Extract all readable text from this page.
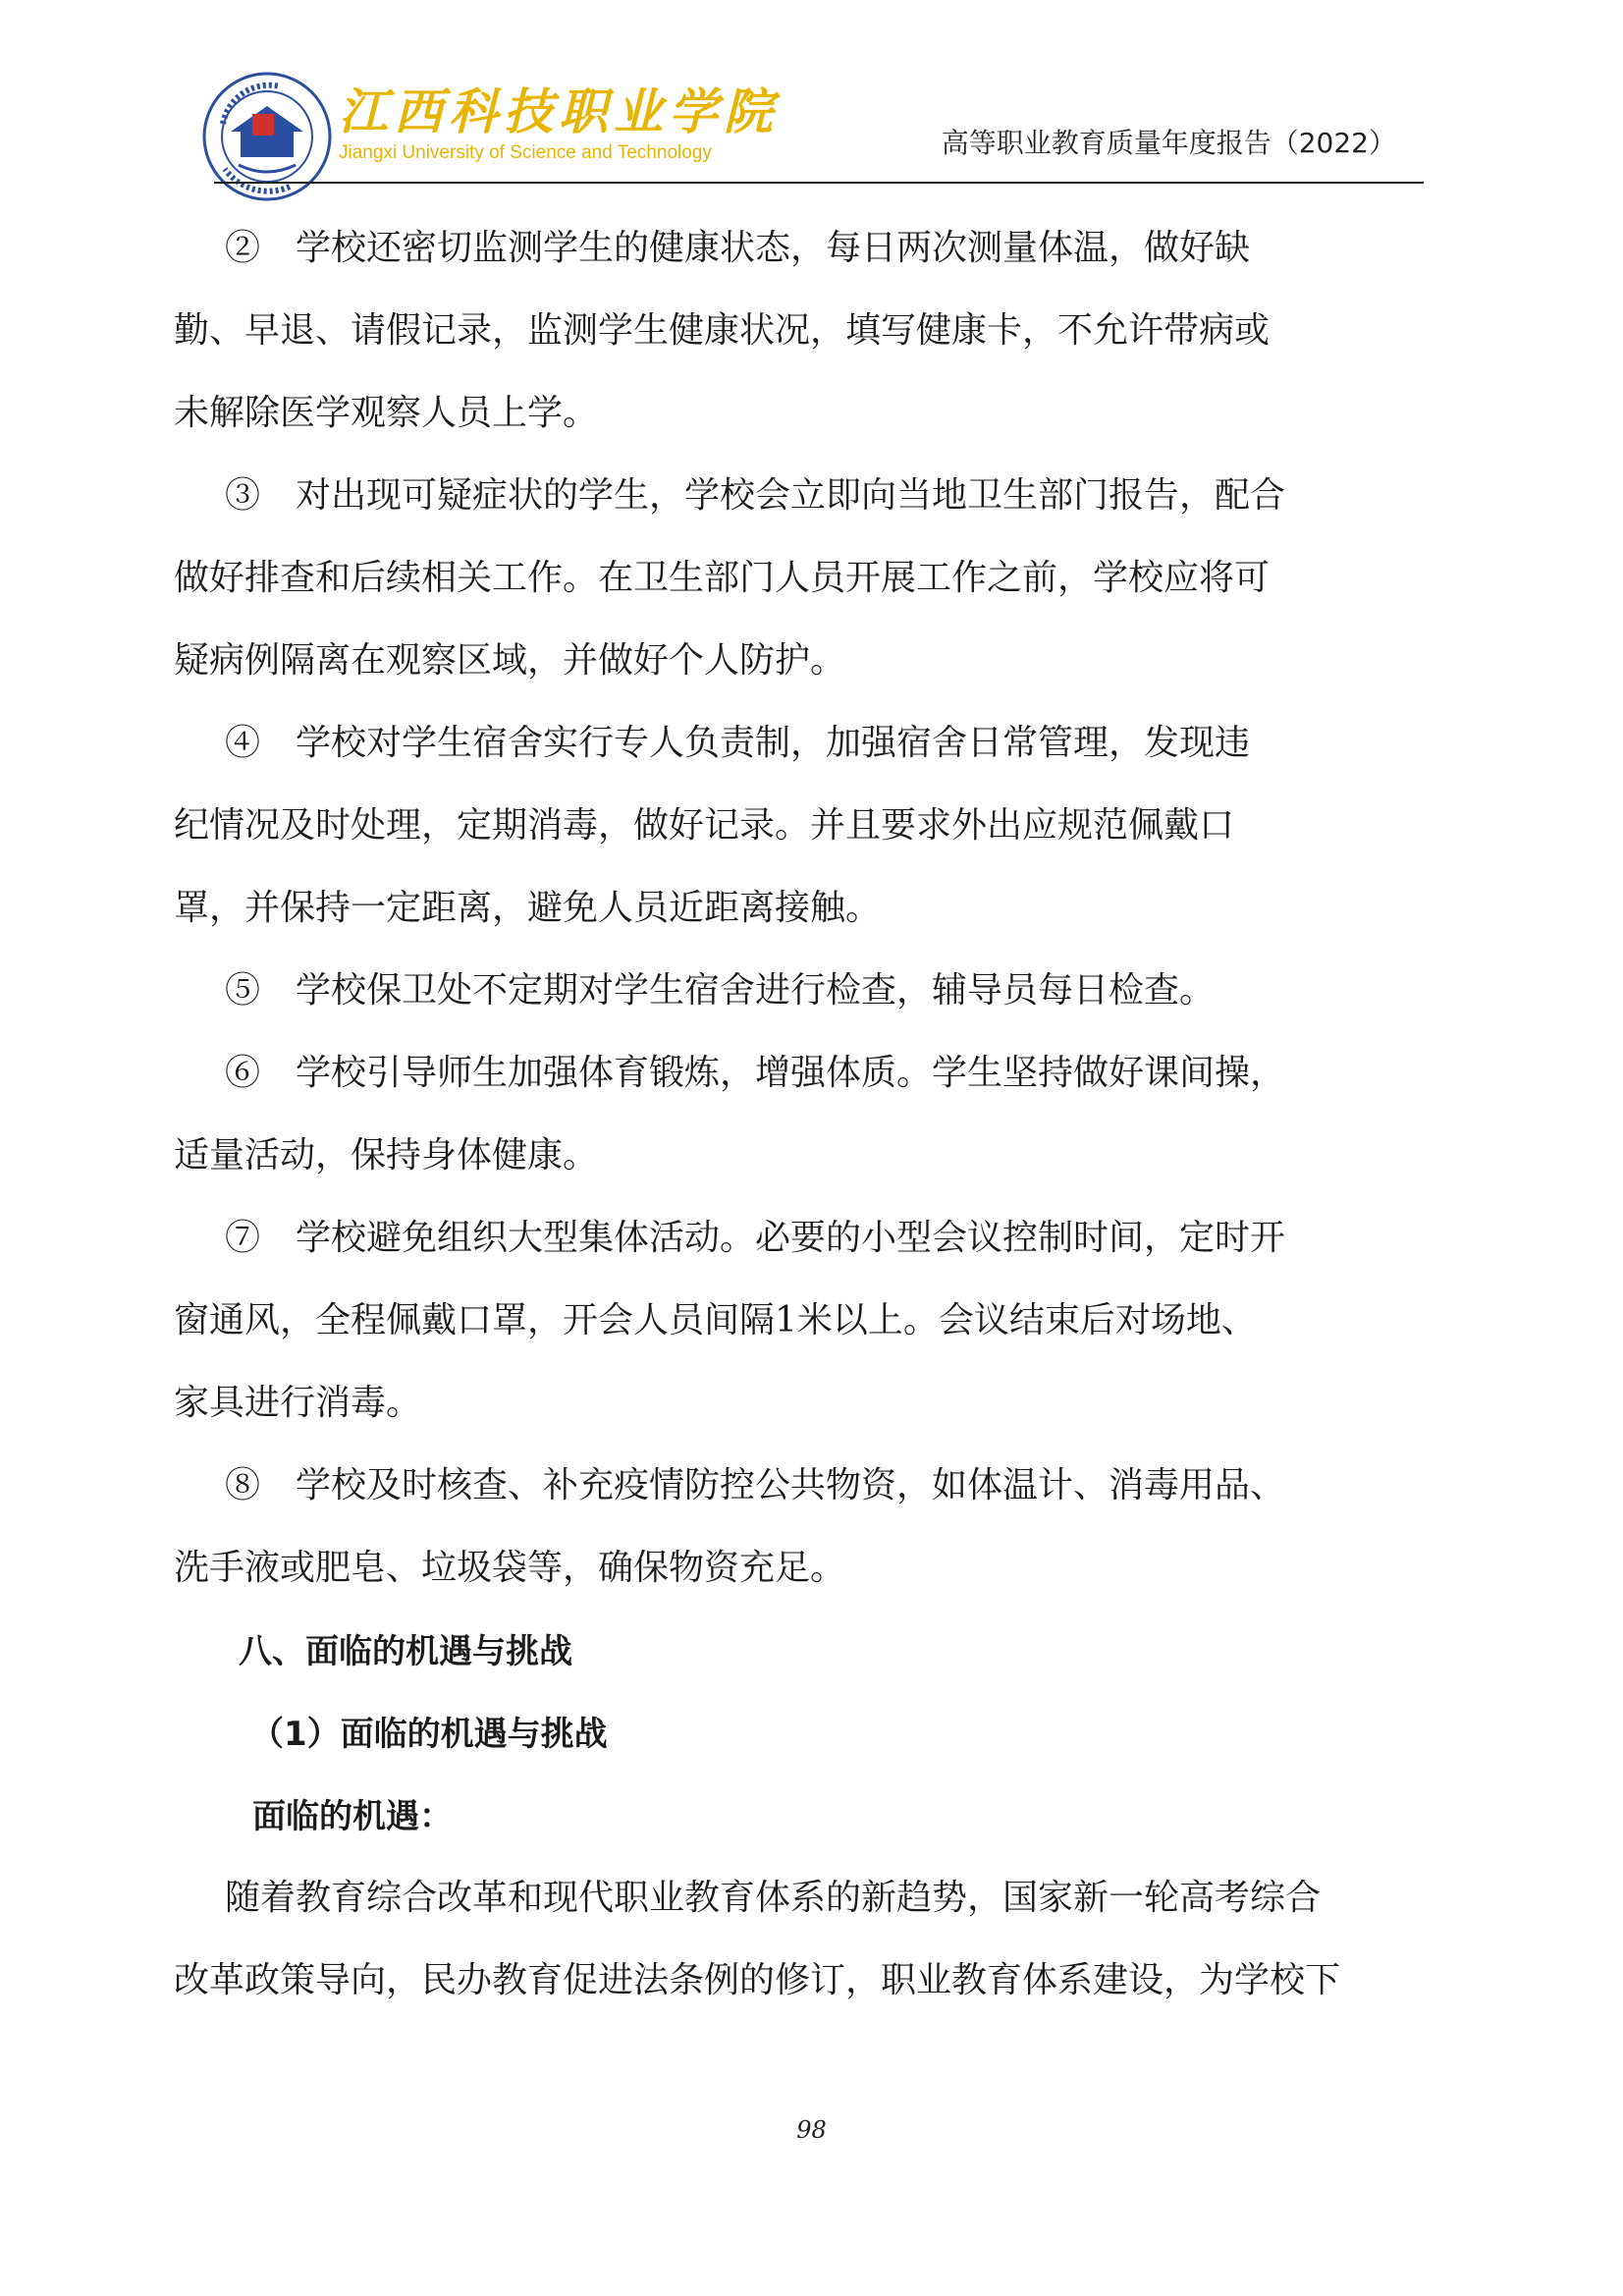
江西科技职业学院
Jiangxi University of Science and Technology	高等职业教育质量年度报告（2022）
②　学校还密切监测学生的健康状态，每日两次测量体温，做好缺
勤、早退、请假记录，监测学生健康状况，填写健康卡，不允许带病或
未解除医学观察人员上学。
③　对出现可疑症状的学生，学校会立即向当地卫生部门报告，配合
做好排查和后续相关工作。在卫生部门人员开展工作之前，学校应将可
疑病例隔离在观察区域，并做好个人防护。
④　学校对学生宿舍实行专人负责制，加强宿舍日常管理，发现违
纪情况及时处理，定期消毒，做好记录。并且要求外出应规范佩戴口
罩，并保持一定距离，避免人员近距离接触。
⑤　学校保卫处不定期对学生宿舍进行检查，辅导员每日检查。
⑥　学校引导师生加强体育锻炼，增强体质。学生坚持做好课间操，
适量活动，保持身体健康。
⑦　学校避免组织大型集体活动。必要的小型会议控制时间，定时开
窗通风，全程佩戴口罩，开会人员间隔1米以上。会议结束后对场地、
家具进行消毒。
⑧　学校及时核查、补充疫情防控公共物资，如体温计、消毒用品、
洗手液或肥皂、垃圾袋等，确保物资充足。
八、面临的机遇与挑战
（1）面临的机遇与挑战
面临的机遇：
随着教育综合改革和现代职业教育体系的新趋势，国家新一轮高考综合
改革政策导向，民办教育促进法条例的修订，职业教育体系建设，为学校下
98
